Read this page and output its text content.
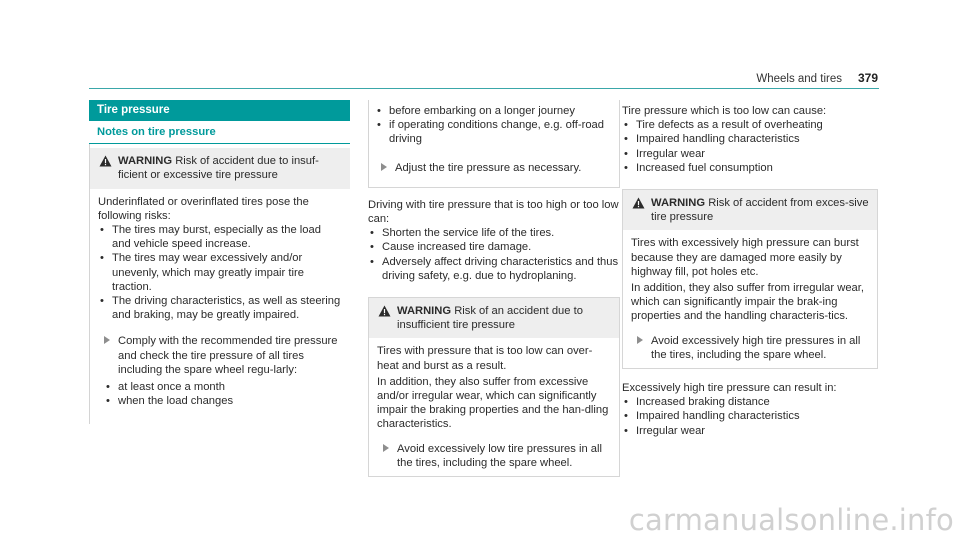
Wheels and tires 379
Tire pressure
Notes on tire pressure
WARNING Risk of accident due to insuf-ficient or excessive tire pressure

Underinflated or overinflated tires pose the following risks:

• The tires may burst, especially as the load and vehicle speed increase.
• The tires may wear excessively and/or unevenly, which may greatly impair tire traction.
• The driving characteristics, as well as steering and braking, may be greatly impaired.
Comply with the recommended tire pressure and check the tire pressure of all tires including the spare wheel regu-larly:
• at least once a month
• when the load changes
• before embarking on a longer journey
• if operating conditions change, e.g. off-road driving
Adjust the tire pressure as necessary.

Driving with tire pressure that is too high or too low can:

• Shorten the service life of the tires.
• Cause increased tire damage.
• Adversely affect driving characteristics and thus driving safety, e.g. due to hydroplaning.
WARNING Risk of an accident due to insufficient tire pressure

Tires with pressure that is too low can over-heat and burst as a result.

In addition, they also suffer from excessive and/or irregular wear, which can significantly impair the braking properties and the han-dling characteristics.

Avoid excessively low tire pressures in all the tires, including the spare wheel.

Tire pressure which is too low can cause:

• Tire defects as a result of overheating
• Impaired handling characteristics
• Irregular wear
• Increased fuel consumption
WARNING Risk of accident from exces-sive tire pressure

Tires with excessively high pressure can burst because they are damaged more easily by highway fill, pot holes etc.

In addition, they also suffer from irregular wear, which can significantly impair the brak-ing properties and the handling characteris-tics.

Avoid excessively high tire pressures in all the tires, including the spare wheel.

Excessively high tire pressure can result in:

• Increased braking distance
• Impaired handling characteristics
• Irregular wear
carmanualsonline.info
